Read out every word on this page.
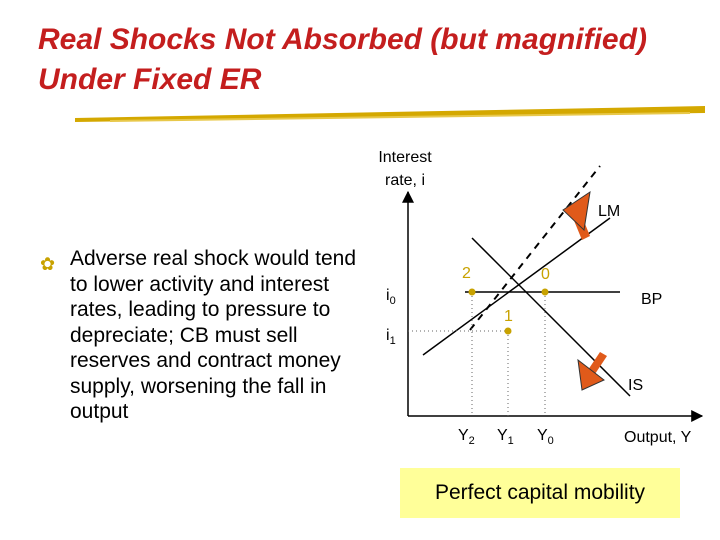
Real Shocks Not Absorbed (but magnified) Under Fixed ER
✿ Adverse real shock would tend to lower activity and interest rates, leading to pressure to depreciate; CB must sell reserves and contract money supply, worsening the fall in output
Interest
rate, i
BP
IS
LM
0
1
2
$i_0$
$i_1$
$Y_2$ $Y_1$ $Y_0$	Output, Y
Perfect capital mobility
